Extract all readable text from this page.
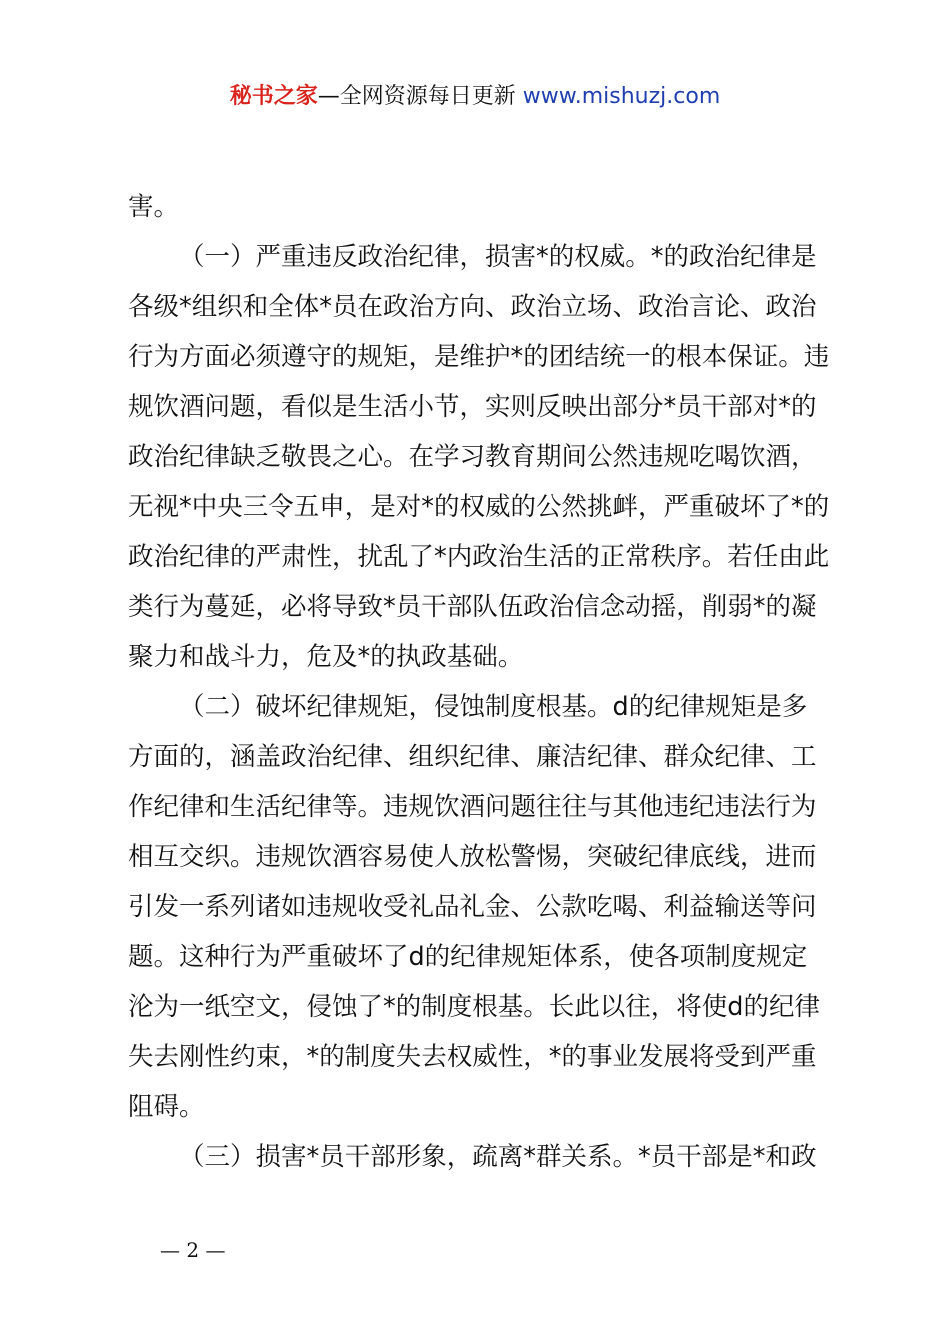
秘书之家—全网资源每日更新 www.mishuzj.com
害。
（一）严重违反政治纪律，损害*的权威。*的政治纪律是
各级*组织和全体*员在政治方向、政治立场、政治言论、政治
行为方面必须遵守的规矩，是维护*的团结统一的根本保证。违
规饮酒问题，看似是生活小节，实则反映出部分*员干部对*的
政治纪律缺乏敬畏之心。在学习教育期间公然违规吃喝饮酒，
无视*中央三令五申，是对*的权威的公然挑衅，严重破坏了*的
政治纪律的严肃性，扰乱了*内政治生活的正常秩序。若任由此
类行为蔓延，必将导致*员干部队伍政治信念动摇，削弱*的凝
聚力和战斗力，危及*的执政基础。
（二）破坏纪律规矩，侵蚀制度根基。d的纪律规矩是多
方面的，涵盖政治纪律、组织纪律、廉洁纪律、群众纪律、工
作纪律和生活纪律等。违规饮酒问题往往与其他违纪违法行为
相互交织。违规饮酒容易使人放松警惕，突破纪律底线，进而
引发一系列诸如违规收受礼品礼金、公款吃喝、利益输送等问
题。这种行为严重破坏了d的纪律规矩体系，使各项制度规定
沦为一纸空文，侵蚀了*的制度根基。长此以往，将使d的纪律
失去刚性约束，*的制度失去权威性，*的事业发展将受到严重
阻碍。
（三）损害*员干部形象，疏离*群关系。*员干部是*和政
— 2 —
